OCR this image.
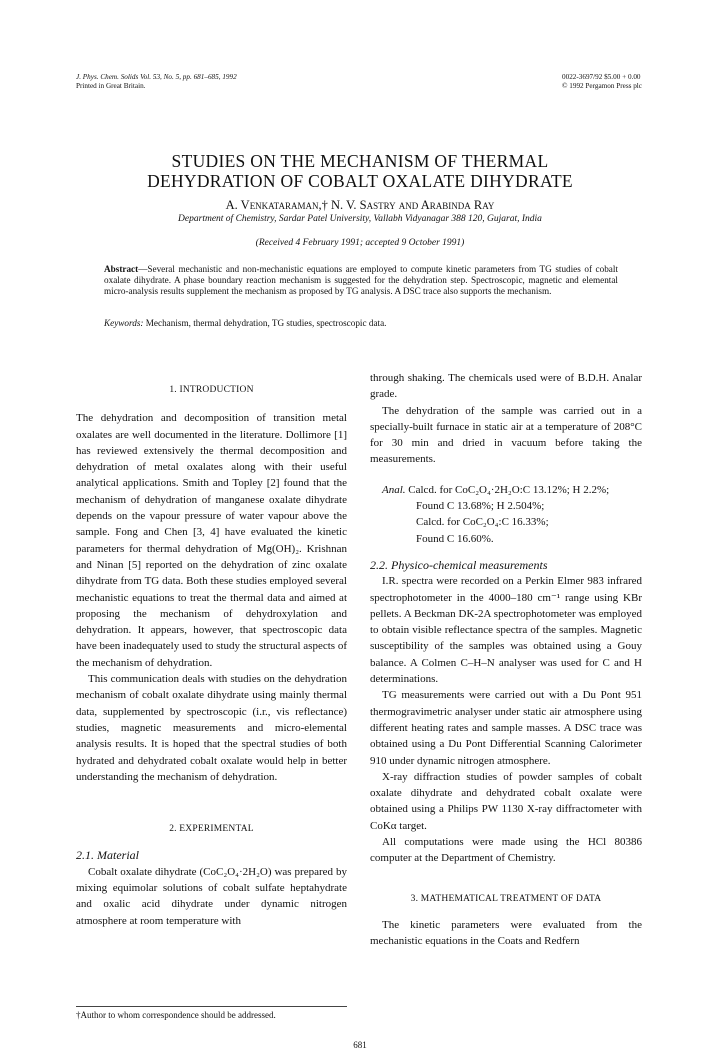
J. Phys. Chem. Solids Vol. 53, No. 5, pp. 681–685, 1992
Printed in Great Britain.
0022-3697/92 $5.00 + 0.00
© 1992 Pergamon Press plc
STUDIES ON THE MECHANISM OF THERMAL
DEHYDRATION OF COBALT OXALATE DIHYDRATE
A. Venkataraman,† N. V. Sastry and Arabinda Ray
Department of Chemistry, Sardar Patel University, Vallabh Vidyanagar 388 120, Gujarat, India
(Received 4 February 1991; accepted 9 October 1991)
Abstract—Several mechanistic and non-mechanistic equations are employed to compute kinetic parameters from TG studies of cobalt oxalate dihydrate. A phase boundary reaction mechanism is suggested for the dehydration step. Spectroscopic, magnetic and elemental micro-analysis results supplement the mechanism as proposed by TG analysis. A DSC trace also supports the mechanism.
Keywords: Mechanism, thermal dehydration, TG studies, spectroscopic data.
1. INTRODUCTION

The dehydration and decomposition of transition metal oxalates are well documented in the literature. Dollimore [1] has reviewed extensively the thermal decomposition and dehydration of metal oxalates along with their useful analytical applications. Smith and Topley [2] found that the mechanism of dehydration of manganese oxalate dihydrate depends on the vapour pressure of water vapour above the sample. Fong and Chen [3, 4] have evaluated the kinetic parameters for thermal dehydration of Mg(OH)₂. Krishnan and Ninan [5] reported on the dehydration of zinc oxalate dihydrate from TG data. Both these studies employed several mechanistic equations to treat the thermal data and aimed at proposing the mechanism of dehydroxylation and dehydration. It appears, however, that spectroscopic data have been inadequately used to study the structural aspects of the mechanism of dehydration.

This communication deals with studies on the dehydration mechanism of cobalt oxalate dihydrate using mainly thermal data, supplemented by spectroscopic (i.r., vis reflectance) studies, magnetic measurements and micro-elemental analysis results. It is hoped that the spectral studies of both hydrated and dehydrated cobalt oxalate would help in better understanding the mechanism of dehydration.

2. EXPERIMENTAL
2.1. Material

Cobalt oxalate dihydrate (CoC₂O₄·2H₂O) was prepared by mixing equimolar solutions of cobalt sulfate heptahydrate and oxalic acid dihydrate under dynamic nitrogen atmosphere at room temperature with

through shaking. The chemicals used were of B.D.H. Analar grade.

The dehydration of the sample was carried out in a specially-built furnace in static air at a temperature of 208°C for 30 min and dried in vacuum before taking the measurements.

Anal. Calcd. for CoC₂O₄·2H₂O:C 13.12%; H 2.2%;
Found C 13.68%; H 2.504%;
Calcd. for CoC₂O₄:C 16.33%;
Found C 16.60%.
2.2. Physico-chemical measurements

I.R. spectra were recorded on a Perkin Elmer 983 infrared spectrophotometer in the 4000–180 cm⁻¹ range using KBr pellets. A Beckman DK-2A spectrophotometer was employed to obtain visible reflectance spectra of the samples. Magnetic susceptibility of the samples was obtained using a Gouy balance. A Colmen C–H–N analyser was used for C and H determinations.

TG measurements were carried out with a Du Pont 951 thermogravimetric analyser under static air atmosphere using different heating rates and sample masses. A DSC trace was obtained using a Du Pont Differential Scanning Calorimeter 910 under dynamic nitrogen atmosphere.

X-ray diffraction studies of powder samples of cobalt oxalate dihydrate and dehydrated cobalt oxalate were obtained using a Philips PW 1130 X-ray diffractometer with CoKα target.

All computations were made using the HCl 80386 computer at the Department of Chemistry.

3. MATHEMATICAL TREATMENT OF DATA

The kinetic parameters were evaluated from the mechanistic equations in the Coats and Redfern

†Author to whom correspondence should be addressed.
681
